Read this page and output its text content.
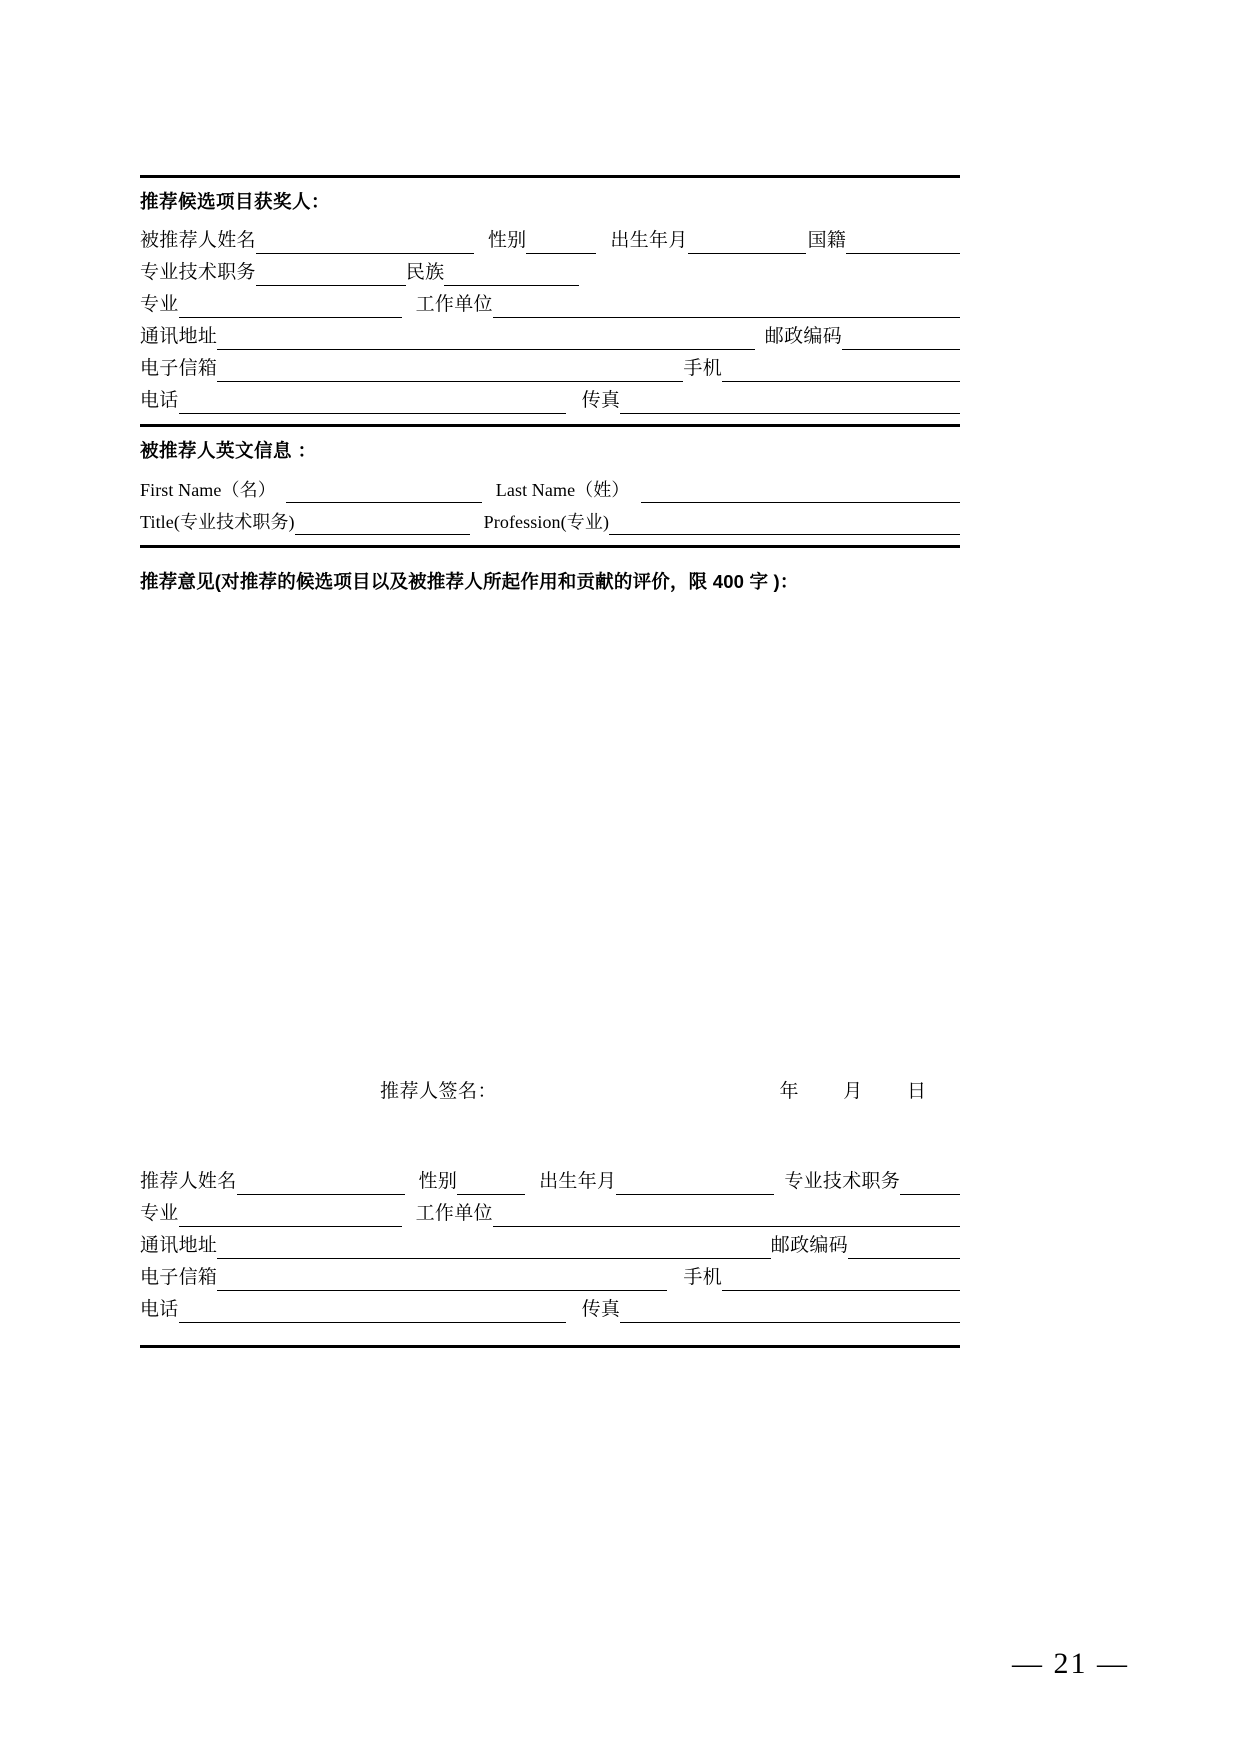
推荐候选项目获奖人：
被推荐人姓名	性别	出生年月	国籍
专业技术职务	民族
专业	工作单位
通讯地址	邮政编码
电子信箱	手机
电话	传真
被推荐人英文信息 ：
First Name（名）	Last Name（姓）
Title(专业技术职务)	Profession(专业)
推荐意见(对推荐的候选项目以及被推荐人所起作用和贡献的评价，限 400 字 )：
推荐人签名：	年 月 日
推荐人姓名	性别	出生年月	专业技术职务
专业	工作单位
通讯地址	邮政编码
电子信箱	手机
电话	传真
— 21 —
